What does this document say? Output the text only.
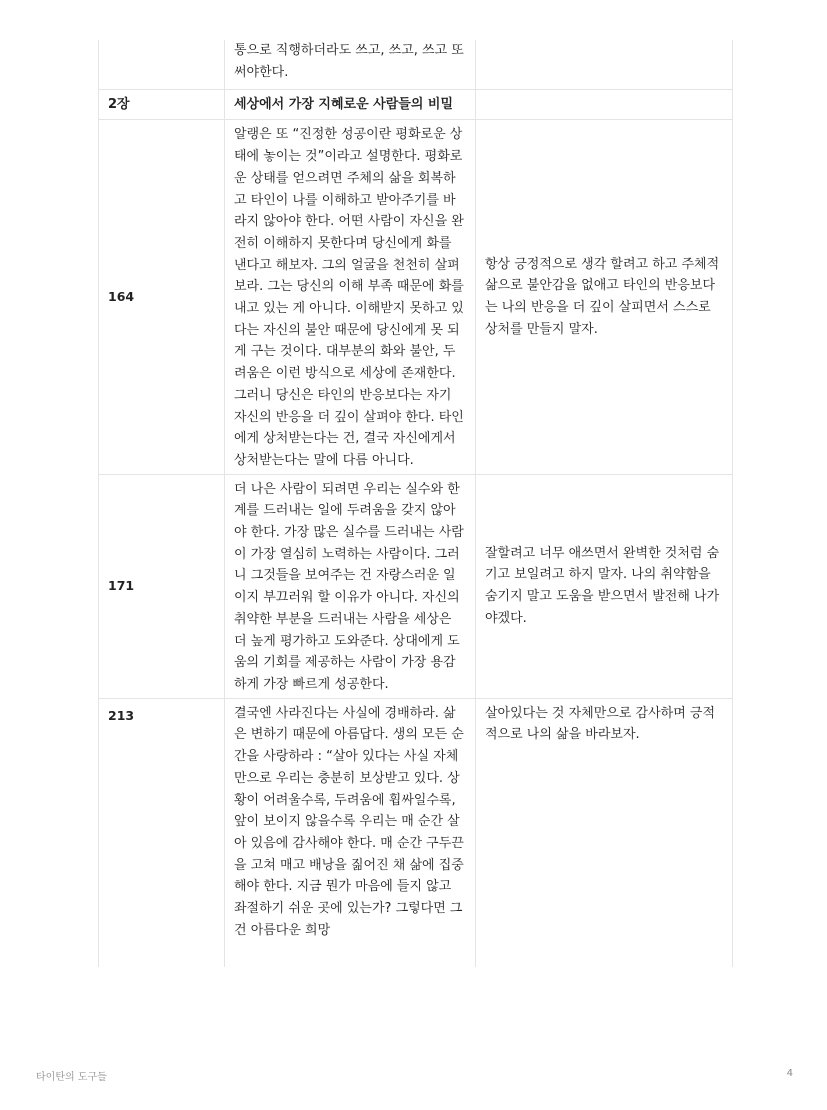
	통으로 직행하더라도 쓰고, 쓰고, 쓰고 또 써야한다.	
2장	세상에서 가장 지혜로운 사람들의 비밀	
164	알랭은 또 “진정한 성공이란 평화로운 상태에 놓이는 것”이라고 설명한다. 평화로운 상태를 얻으려면 주체의 삶을 회복하고 타인이 나를 이해하고 받아주기를 바라지 않아야 한다. 어떤 사람이 자신을 완전히 이해하지 못한다며 당신에게 화를 낸다고 해보자. 그의 얼굴을 천천히 살펴보라. 그는 당신의 이해 부족 때문에 화를 내고 있는 게 아니다. 이해받지 못하고 있다는 자신의 불안 때문에 당신에게 못 되게 구는 것이다. 대부분의 화와 불안, 두려움은 이런 방식으로 세상에 존재한다. 그러니 당신은 타인의 반응보다는 자기 자신의 반응을 더 깊이 살펴야 한다. 타인에게 상처받는다는 건, 결국 자신에게서 상처받는다는 말에 다름 아니다.	항상 긍정적으로 생각 할려고 하고 주체적 삶으로 불안감을 없애고 타인의 반응보다는 나의 반응을 더 깊이 살피면서 스스로 상처를 만들지 말자.
171	더 나은 사람이 되려면 우리는 실수와 한계를 드러내는 일에 두려움을 갖지 않아야 한다. 가장 많은 실수를 드러내는 사람이 가장 열심히 노력하는 사람이다. 그러니 그것들을 보여주는 건 자랑스러운 일이지 부끄러워 할 이유가 아니다. 자신의 취약한 부분을 드러내는 사람을 세상은 더 높게 평가하고 도와준다. 상대에게 도움의 기회를 제공하는 사람이 가장 용감하게 가장 빠르게 성공한다.	잘할려고 너무 애쓰면서 완벽한 것처럼 숨기고 보일려고 하지 말자. 나의 취약함을 숨기지 말고 도움을 받으면서 발전해 나가야겠다.

213	결국엔 사라진다는 사실에 경배하라. 삶은 변하기 때문에 아름답다. 생의 모든 순간을 사랑하라 : “살아 있다는 사실 자체만으로 우리는 충분히 보상받고 있다. 상황이 어려울수록, 두려움에 휩싸일수록, 앞이 보이지 않을수록 우리는 매 순간 살아 있음에 감사해야 한다. 매 순간 구두끈을 고쳐 매고 배낭을 짊어진 채 삶에 집중해야 한다. 지금 뭔가 마음에 들지 않고 좌절하기 쉬운 곳에 있는가? 그렇다면 그건 아름다운 희망	살아있다는 것 자체만으로 감사하며 긍적적으로 나의 삶을 바라보자.
타이탄의 도구들	4
